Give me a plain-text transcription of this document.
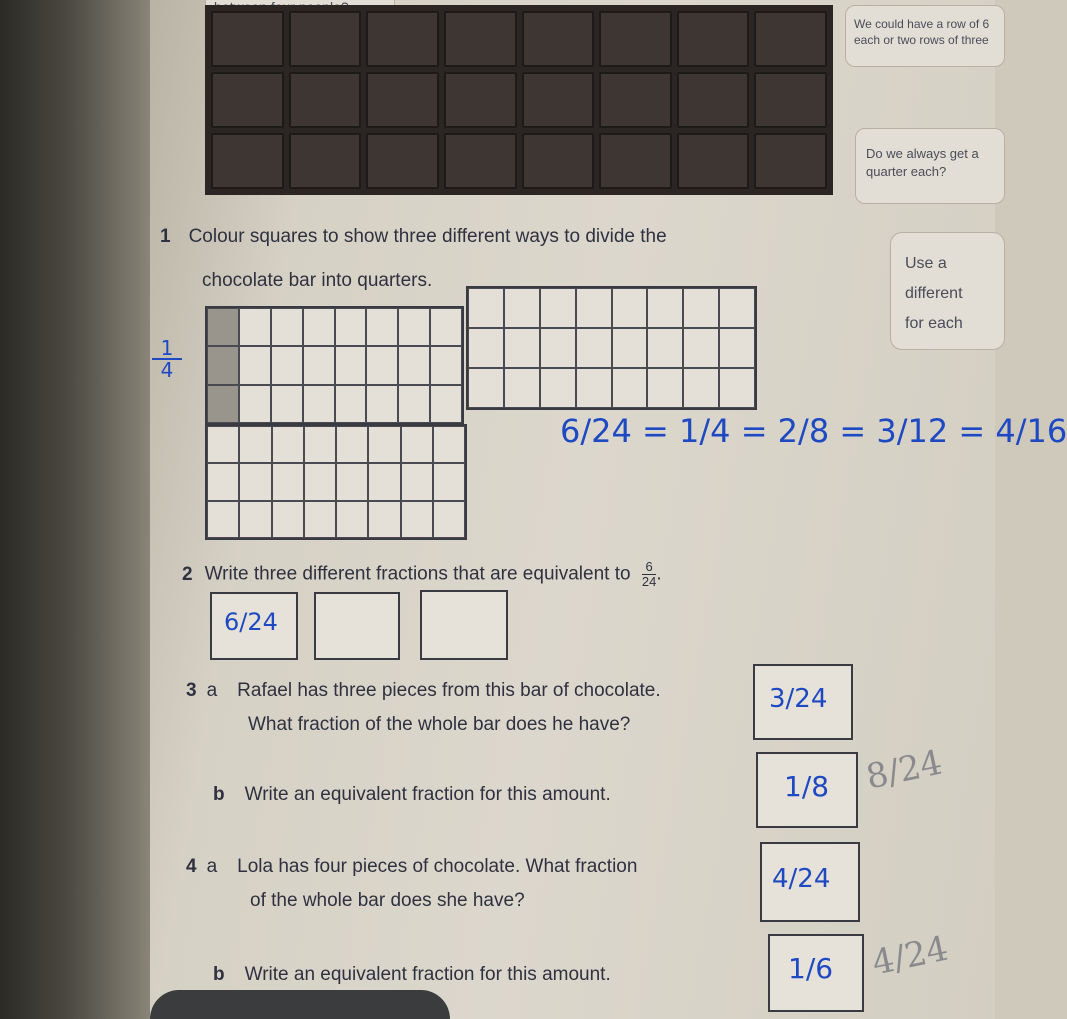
We could have a row of 6 each or two rows of three
Do we always get a quarter each?
Use a different
for each
1 Colour squares to show three different ways to divide the
chocolate bar into quarters.
$\frac{1}{4}$
6/24 = 1/4 = 2/8 = 3/12 = 4/16
2 Write three different fractions that are equivalent to $\frac{6}{24}$ .
6/24
3 a Rafael has three pieces from this bar of chocolate.
What fraction of the whole bar does he have?
3/24
b Write an equivalent fraction for this amount.	1/8 8/24
4 a Lola has four pieces of chocolate. What fraction
of the whole bar does she have?
4/24
b Write an equivalent fraction for this amount.	1/6 4/24
